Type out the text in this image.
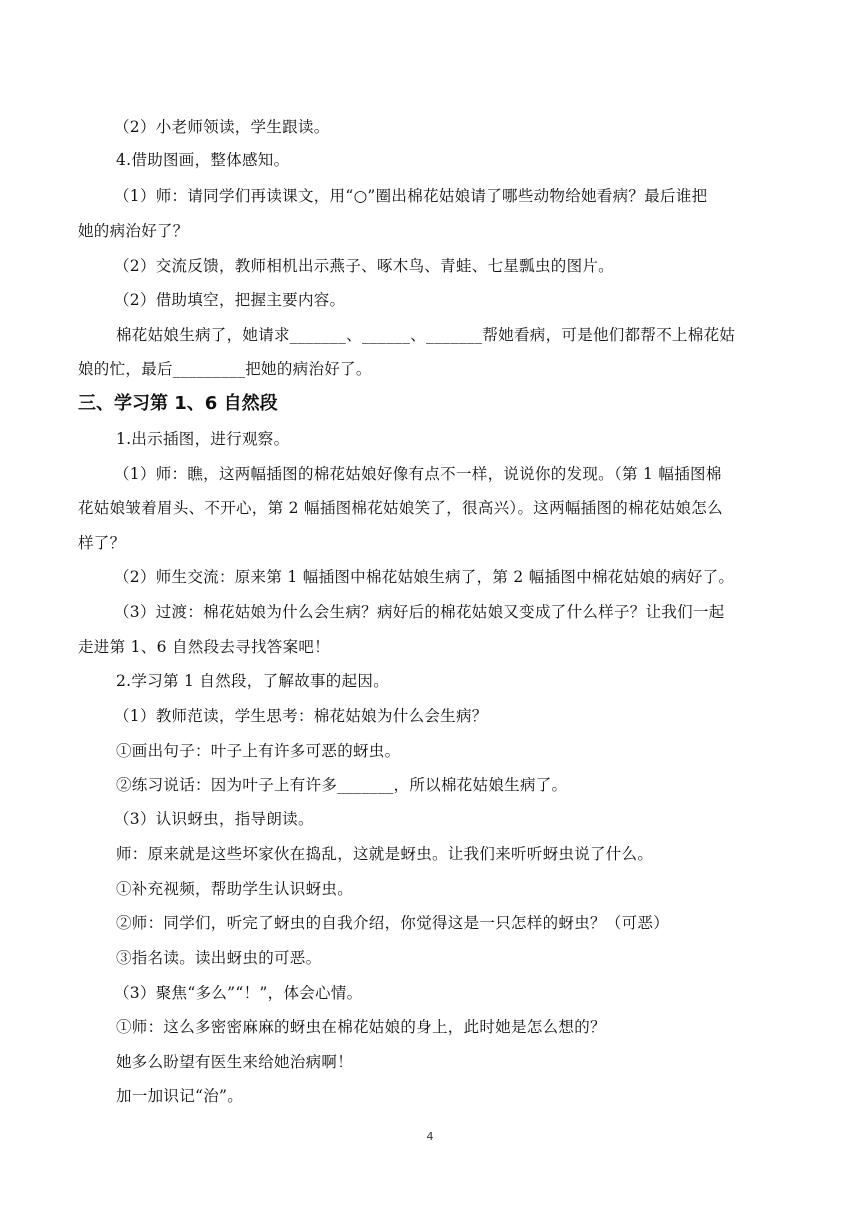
（2）小老师领读，学生跟读。
4.借助图画，整体感知。
（1）师：请同学们再读课文，用“○”圈出棉花姑娘请了哪些动物给她看病？最后谁把
她的病治好了？
（2）交流反馈，教师相机出示燕子、啄木鸟、青蛙、七星瓢虫的图片。
（2）借助填空，把握主要内容。
棉花姑娘生病了，她请求_______、______、_______帮她看病，可是他们都帮不上棉花姑
娘的忙，最后_________把她的病治好了。
三、学习第 1、6 自然段
1.出示插图，进行观察。
（1）师：瞧，这两幅插图的棉花姑娘好像有点不一样，说说你的发现。（第 1 幅插图棉
花姑娘皱着眉头、不开心，第 2 幅插图棉花姑娘笑了，很高兴）。这两幅插图的棉花姑娘怎么
样了？
（2）师生交流：原来第 1 幅插图中棉花姑娘生病了，第 2 幅插图中棉花姑娘的病好了。
（3）过渡：棉花姑娘为什么会生病？病好后的棉花姑娘又变成了什么样子？让我们一起
走进第 1、6 自然段去寻找答案吧！
2.学习第 1 自然段，了解故事的起因。
（1）教师范读，学生思考：棉花姑娘为什么会生病？
①画出句子：叶子上有许多可恶的蚜虫。
②练习说话：因为叶子上有许多_______，所以棉花姑娘生病了。
（3）认识蚜虫，指导朗读。
师：原来就是这些坏家伙在捣乱，这就是蚜虫。让我们来听听蚜虫说了什么。
①补充视频，帮助学生认识蚜虫。
②师：同学们，听完了蚜虫的自我介绍，你觉得这是一只怎样的蚜虫？（可恶）
③指名读。读出蚜虫的可恶。
（3）聚焦“多么”“！”，体会心情。
①师：这么多密密麻麻的蚜虫在棉花姑娘的身上，此时她是怎么想的？
她多么盼望有医生来给她治病啊！
加一加识记“治”。
4
